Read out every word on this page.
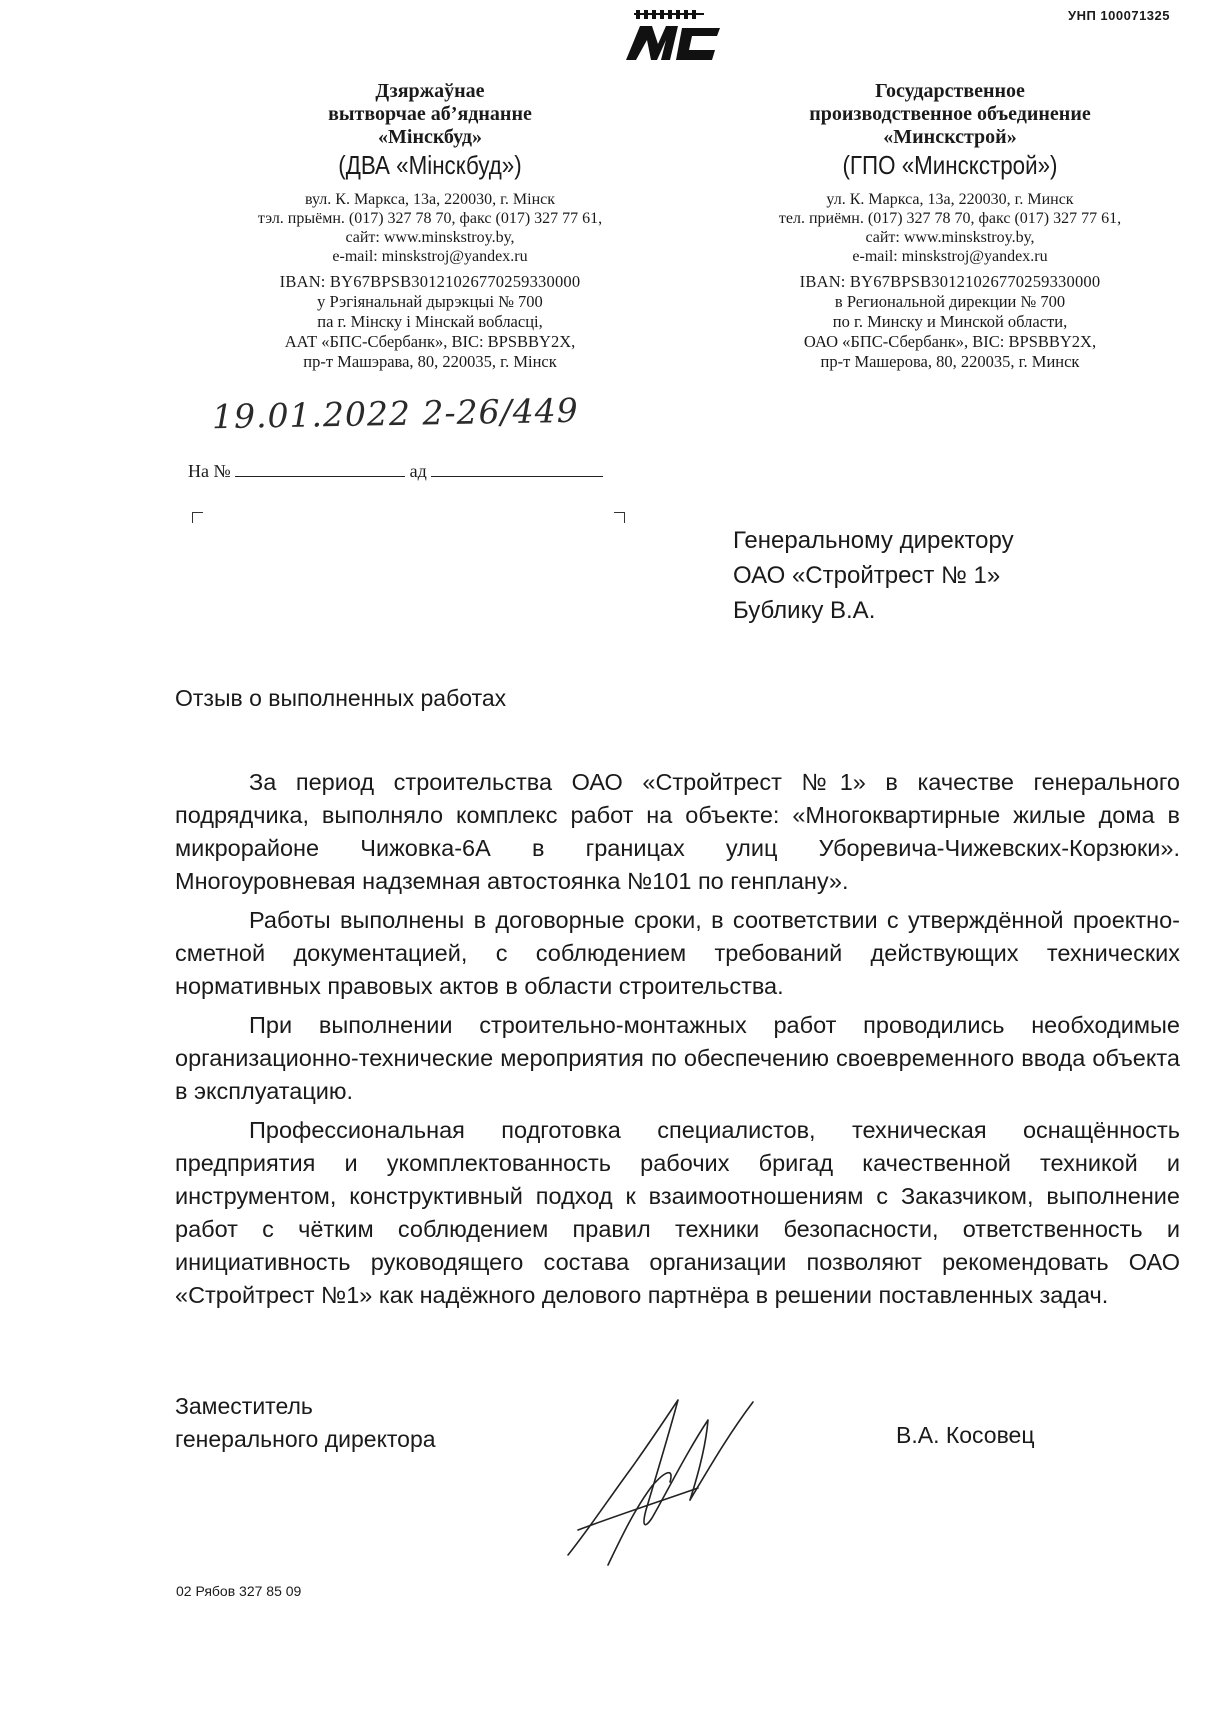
УНП 100071325
Дзяржаўнае
вытворчае аб’яднанне
«Мінскбуд»
(ДВА «Мінскбуд»)
вул. К. Маркса, 13а, 220030, г. Мінск
тэл. прыёмн. (017) 327 78 70, факс (017) 327 77 61,
сайт: www.minskstroy.by,
e-mail: minskstroj@yandex.ru
IBAN: BY67BPSB30121026770259330000
у Рэгіянальнай дырэкцыі № 700
па г. Мінску і Мінскай вобласці,
ААТ «БПС-Сбербанк», BIC: BPSBBY2X,
пр-т Машэрава, 80, 220035, г. Мінск
Государственное
производственное объединение
«Минскстрой»
(ГПО «Минскстрой»)
ул. К. Маркса, 13а, 220030, г. Минск
тел. приёмн. (017) 327 78 70, факс (017) 327 77 61,
сайт: www.minskstroy.by,
e-mail: minskstroj@yandex.ru
IBAN: BY67BPSB30121026770259330000
в Региональной дирекции № 700
по г. Минску и Минской области,
ОАО «БПС-Сбербанк», BIC: BPSBBY2X,
пр-т Машерова, 80, 220035, г. Минск
19.01.2022 2-26/449
На №	ад
Генеральному директору
ОАО «Стройтрест № 1»
Бублику В.А.
Отзыв о выполненных работах

За период строительства ОАО «Стройтрест №1» в качестве генерального подрядчика, выполняло комплекс работ на объекте: «Многоквартирные жилые дома в микрорайоне Чижовка-6А в границах улиц Уборевича-Чижевских-Корзюки». Многоуровневая надземная автостоянка №101 по генплану».

Работы выполнены в договорные сроки, в соответствии с утверждённой проектно-сметной документацией, с соблюдением требований действующих технических нормативных правовых актов в области строительства.

При выполнении строительно-монтажных работ проводились необходимые организационно-технические мероприятия по обеспечению своевременного ввода объекта в эксплуатацию.

Профессиональная подготовка специалистов, техническая оснащённость предприятия и укомплектованность рабочих бригад качественной техникой и инструментом, конструктивный подход к взаимоотношениям с Заказчиком, выполнение работ с чётким соблюдением правил техники безопасности, ответственность и инициативность руководящего состава организации позволяют рекомендовать ОАО «Стройтрест №1» как надёжного делового партнёра в решении поставленных задач.

Заместитель
генерального директора	В.А. Косовец
02 Рябов 327 85 09
